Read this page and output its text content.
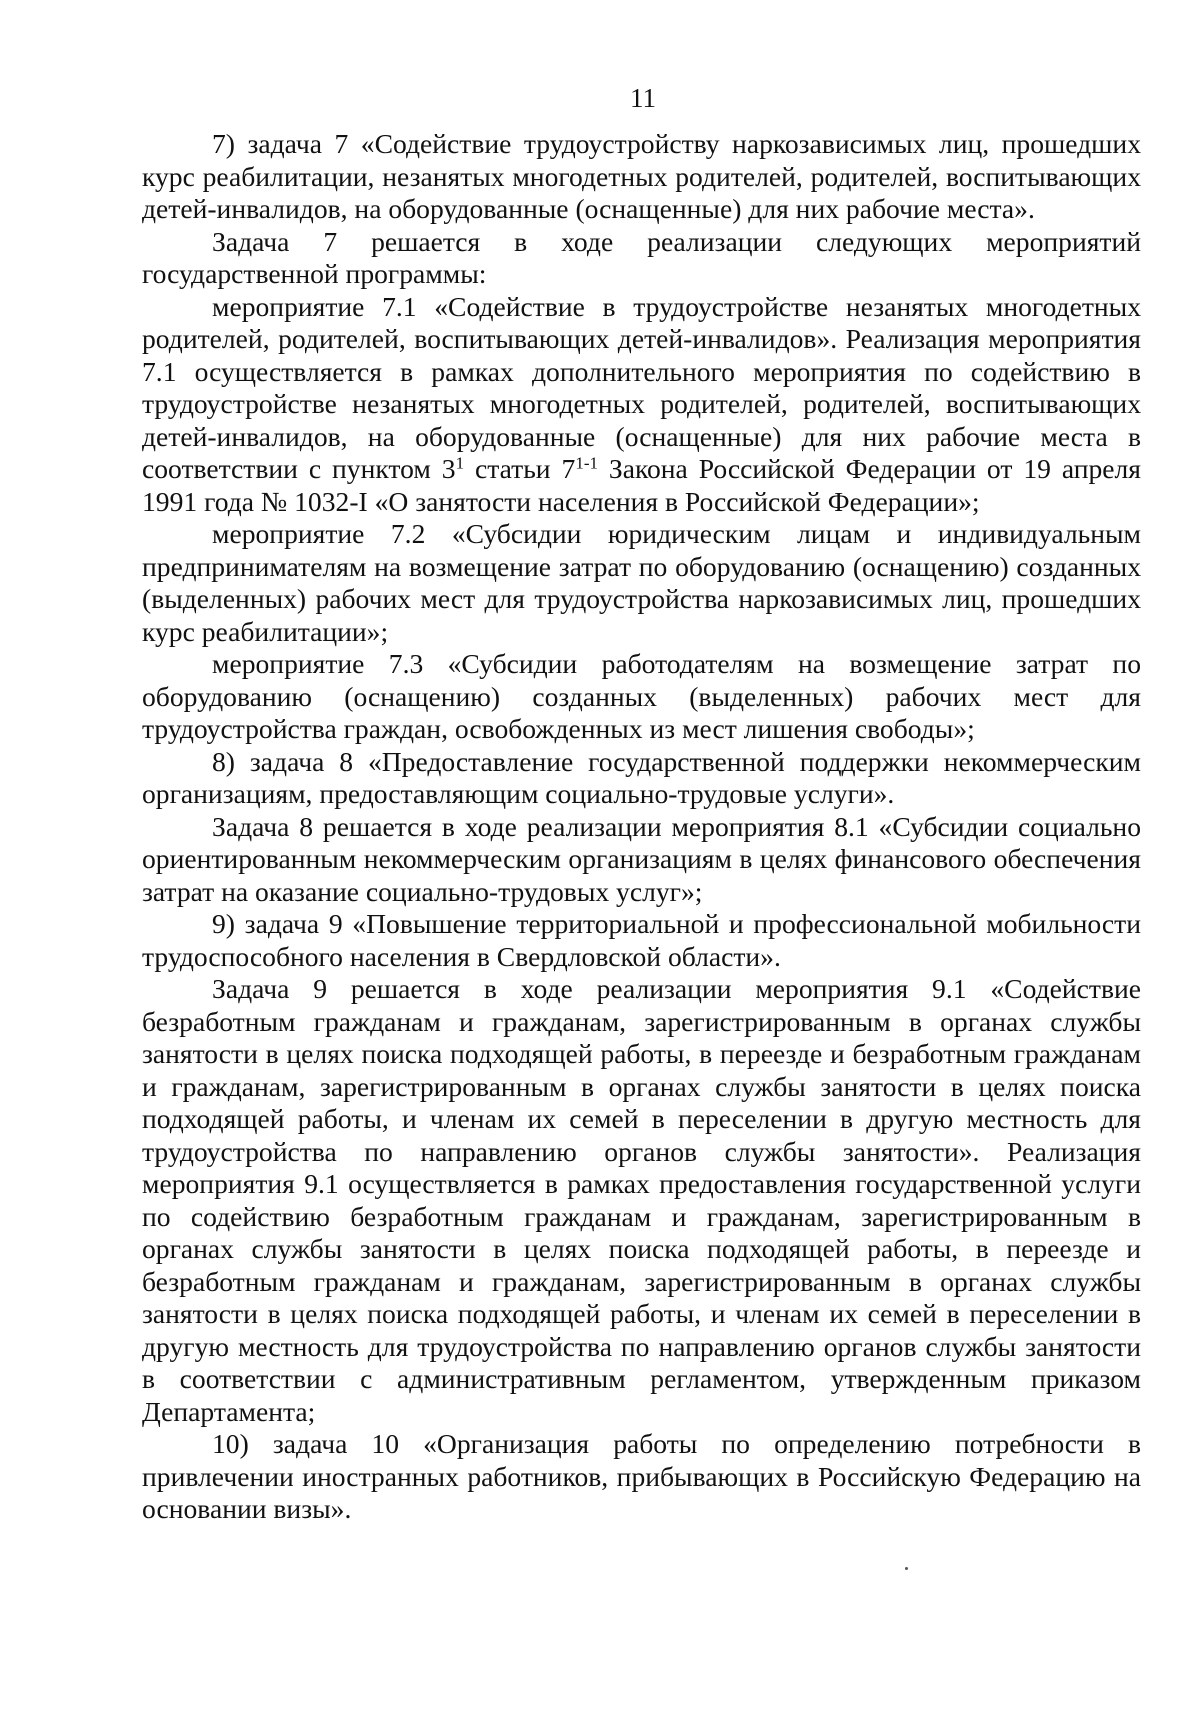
11

7) задача 7 «Содействие трудоустройству наркозависимых лиц, прошедших курс реабилитации, незанятых многодетных родителей, родителей, воспитывающих детей-инвалидов, на оборудованные (оснащенные) для них рабочие места».

Задача 7 решается в ходе реализации следующих мероприятий государственной программы:

мероприятие 7.1 «Содействие в трудоустройстве незанятых многодетных родителей, родителей, воспитывающих детей-инвалидов». Реализация мероприятия 7.1 осуществляется в рамках дополнительного мероприятия по содействию в трудоустройстве незанятых многодетных родителей, родителей, воспитывающих детей-инвалидов, на оборудованные (оснащенные) для них рабочие места в соответствии с пунктом $3^1$ статьи 7$^{1-1}$ Закона Российской Федерации от 19 апреля 1991 года № 1032-I «О занятости населения в Российской Федерации»;

мероприятие 7.2 «Субсидии юридическим лицам и индивидуальным предпринимателям на возмещение затрат по оборудованию (оснащению) созданных (выделенных) рабочих мест для трудоустройства наркозависимых лиц, прошедших курс реабилитации»;

мероприятие 7.3 «Субсидии работодателям на возмещение затрат по оборудованию (оснащению) созданных (выделенных) рабочих мест для трудоустройства граждан, освобожденных из мест лишения свободы»;

8) задача 8 «Предоставление государственной поддержки некоммерческим организациям, предоставляющим социально-трудовые услуги».

Задача 8 решается в ходе реализации мероприятия 8.1 «Субсидии социально ориентированным некоммерческим организациям в целях финансового обеспечения затрат на оказание социально-трудовых услуг»;

9) задача 9 «Повышение территориальной и профессиональной мобильности трудоспособного населения в Свердловской области».

Задача 9 решается в ходе реализации мероприятия 9.1 «Содействие безработным гражданам и гражданам, зарегистрированным в органах службы занятости в целях поиска подходящей работы, в переезде и безработным гражданам и гражданам, зарегистрированным в органах службы занятости в целях поиска подходящей работы, и членам их семей в переселении в другую местность для трудоустройства по направлению органов службы занятости». Реализация мероприятия 9.1 осуществляется в рамках предоставления государственной услуги по содействию безработным гражданам и гражданам, зарегистрированным в органах службы занятости в целях поиска подходящей работы, в переезде и безработным гражданам и гражданам, зарегистрированным в органах службы занятости в целях поиска подходящей работы, и членам их семей в переселении в другую местность для трудоустройства по направлению органов службы занятости в соответствии с административным регламентом, утвержденным приказом Департамента;

10) задача 10 «Организация работы по определению потребности в привлечении иностранных работников, прибывающих в Российскую Федерацию на основании визы».
